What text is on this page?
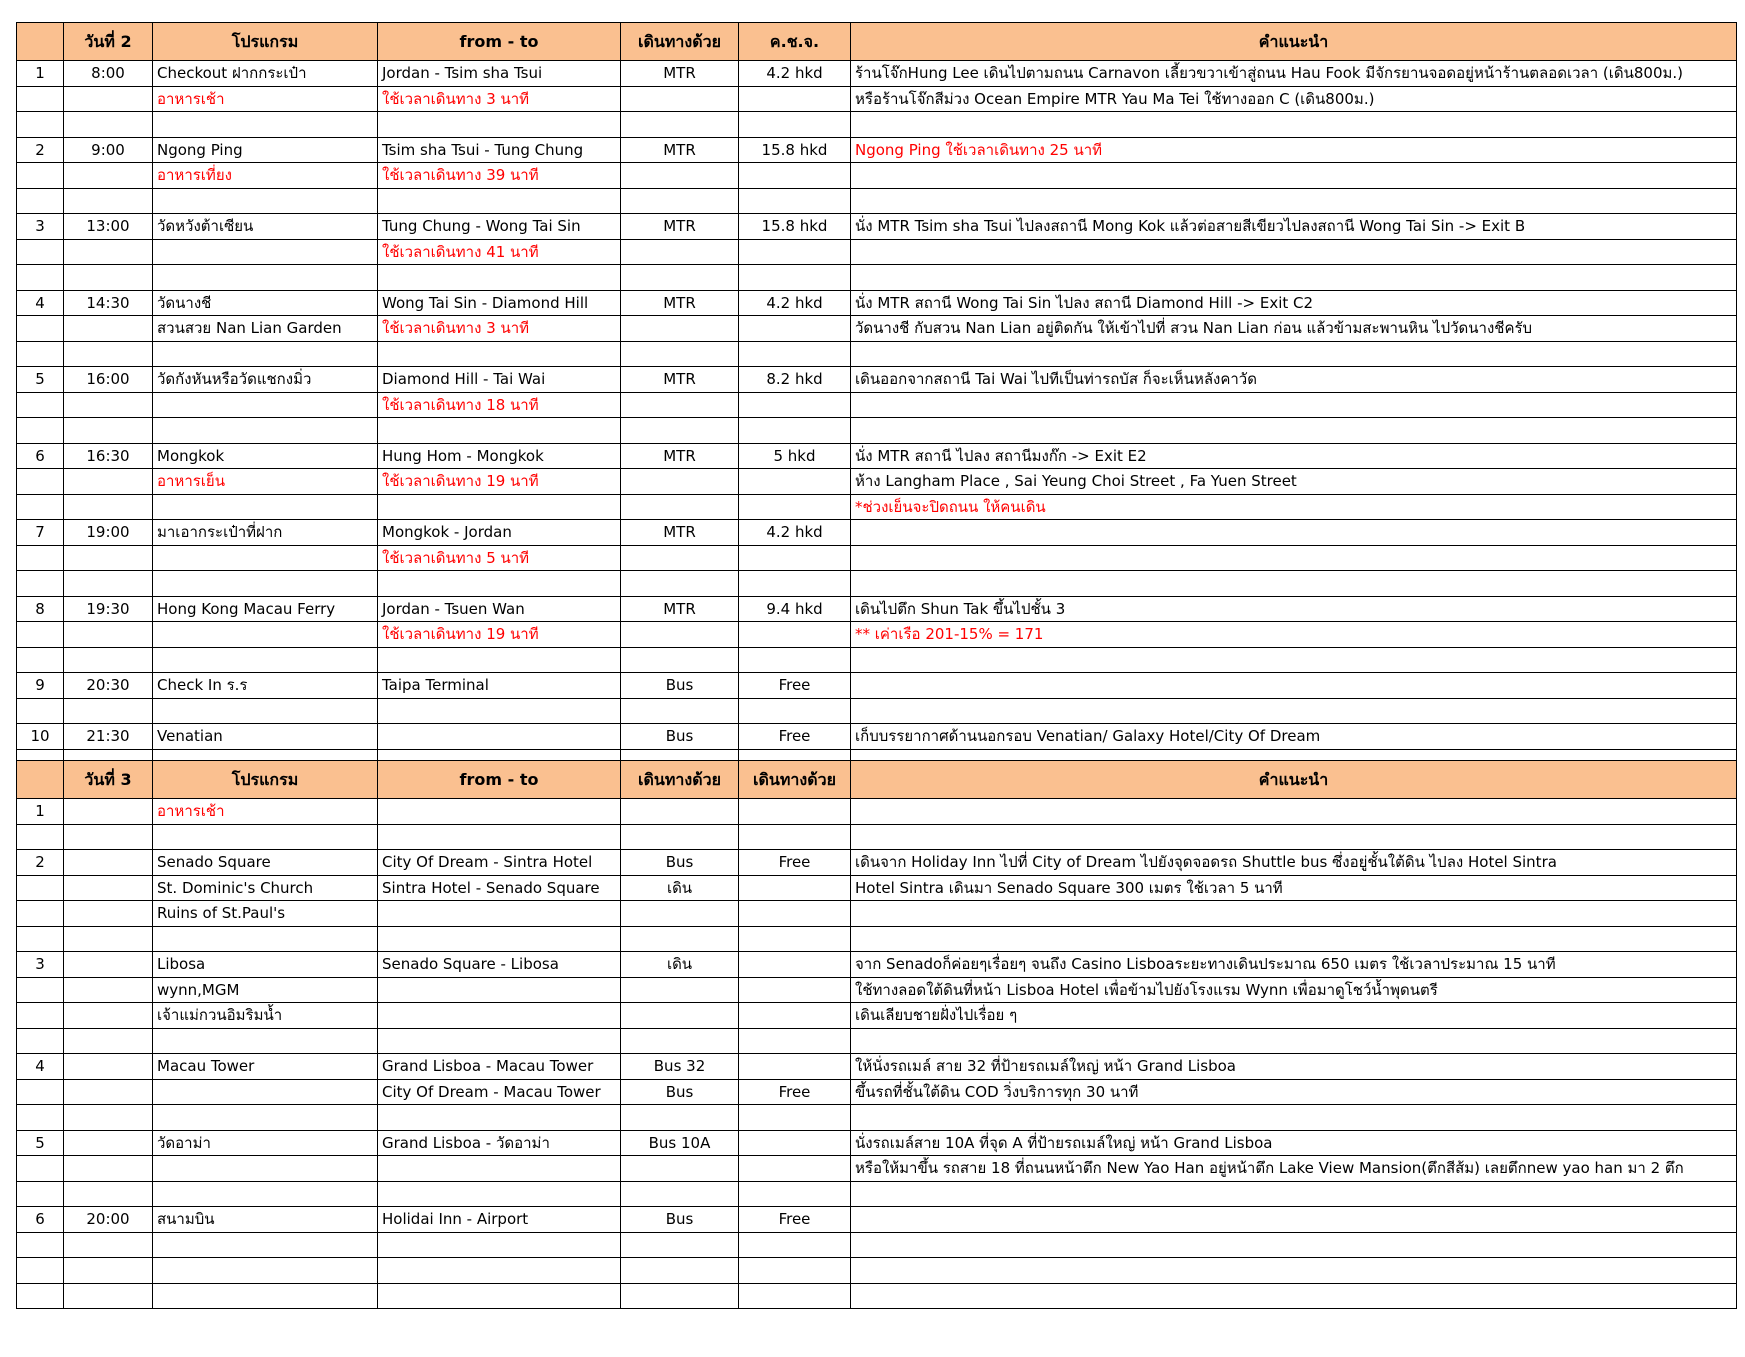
	วันที่ 2	โปรแกรม	from - to	เดินทางด้วย	ค.ช.จ.	คำแนะนำ
1	8:00	Checkout ฝากกระเป๋า	Jordan - Tsim sha Tsui	MTR	4.2 hkd	ร้านโจ๊กHung Lee เดินไปตามถนน Carnavon เลี้ยวขวาเข้าสู่ถนน Hau Fook มีจักรยานจอดอยู่หน้าร้านตลอดเวลา (เดิน800ม.)
		อาหารเช้า	ใช้เวลาเดินทาง 3 นาที			หรือร้านโจ๊กสีม่วง Ocean Empire MTR Yau Ma Tei ใช้ทางออก C (เดิน800ม.)

2	9:00	Ngong Ping	Tsim sha Tsui - Tung Chung	MTR	15.8 hkd	Ngong Ping ใช้เวลาเดินทาง 25 นาที
		อาหารเที่ยง	ใช้เวลาเดินทาง 39 นาที			

3	13:00	วัดหวังต้าเซียน	Tung Chung - Wong Tai Sin	MTR	15.8 hkd	นั่ง MTR Tsim sha Tsui ไปลงสถานี Mong Kok แล้วต่อสายสีเขียวไปลงสถานี Wong Tai Sin -> Exit B
			ใช้เวลาเดินทาง 41 นาที			

4	14:30	วัดนางชี	Wong Tai Sin - Diamond Hill	MTR	4.2 hkd	นั่ง MTR สถานี Wong Tai Sin ไปลง สถานี Diamond Hill -> Exit C2
		สวนสวย Nan Lian Garden	ใช้เวลาเดินทาง 3 นาที			วัดนางชี กับสวน Nan Lian อยู่ติดกัน ให้เข้าไปที่ สวน Nan Lian ก่อน แล้วข้ามสะพานหิน ไปวัดนางชีครับ

5	16:00	วัดกังหันหรือวัดแชกงมิ่ว	Diamond Hill - Tai Wai	MTR	8.2 hkd	เดินออกจากสถานี Tai Wai ไปทีเป็นท่ารถบัส ก็จะเห็นหลังคาวัด
			ใช้เวลาเดินทาง 18 นาที			

6	16:30	Mongkok	Hung Hom - Mongkok	MTR	5 hkd	นั่ง MTR สถานี ไปลง สถานีมงก๊ก -> Exit E2
		อาหารเย็น	ใช้เวลาเดินทาง 19 นาที			ห้าง Langham Place , Sai Yeung Choi Street , Fa Yuen Street
						*ช่วงเย็นจะปิดถนน ให้คนเดิน
7	19:00	มาเอากระเป๋าที่ฝาก	Mongkok - Jordan	MTR	4.2 hkd	
			ใช้เวลาเดินทาง 5 นาที			

8	19:30	Hong Kong Macau Ferry	Jordan - Tsuen Wan	MTR	9.4 hkd	เดินไปตึก Shun Tak ขึ้นไปชั้น 3
			ใช้เวลาเดินทาง 19 นาที			** เค่าเรือ 201-15% = 171

9	20:30	Check In ร.ร	Taipa Terminal	Bus	Free	

10	21:30	Venatian		Bus	Free	เก็บบรรยากาศด้านนอกรอบ Venatian/ Galaxy Hotel/City Of Dream

	วันที่ 3	โปรแกรม	from - to	เดินทางด้วย	เดินทางด้วย	คำแนะนำ
1		อาหารเช้า				

2		Senado Square	City Of Dream - Sintra Hotel	Bus	Free	เดินจาก Holiday Inn ไปที่ City of Dream ไปยังจุดจอดรถ Shuttle bus ซึ่งอยู่ชั้นใต้ดิน ไปลง Hotel Sintra
		St. Dominic's Church	Sintra Hotel - Senado Square	เดิน		Hotel Sintra เดินมา Senado Square 300 เมตร ใช้เวลา 5 นาที
		Ruins of St.Paul's				

3		Libosa	Senado Square - Libosa	เดิน		จาก Senadoก็ค่อยๆเรื่อยๆ จนถึง Casino Lisboaระยะทางเดินประมาณ 650 เมตร ใช้เวลาประมาณ 15 นาที
		wynn,MGM				ใช้ทางลอดใต้ดินที่หน้า Lisboa Hotel เพื่อข้ามไปยังโรงแรม Wynn เพื่อมาดูโชว์น้ำพุดนตรี
		เจ้าแม่กวนอิมริมน้ำ				เดินเลียบชายฝั่งไปเรื่อย ๆ

4		Macau Tower	Grand Lisboa - Macau Tower	Bus 32		ให้นั่งรถเมล์ สาย 32 ที่ป้ายรถเมล์ใหญ่ หน้า Grand Lisboa
			City Of Dream - Macau Tower	Bus	Free	ขึ้นรถที่ชั้นใต้ดิน COD วิ่งบริการทุก 30 นาที

5		วัดอาม่า	Grand Lisboa - วัดอาม่า	Bus 10A		นั่งรถเมล์สาย 10A ที่จุด A ที่ป้ายรถเมล์ใหญ่ หน้า Grand Lisboa
						หรือให้มาขึ้น รถสาย 18 ที่ถนนหน้าตึก New Yao Han อยู่หน้าตึก Lake View Mansion(ตึกสีส้ม) เลยตึกnew yao han มา 2 ตึก

6	20:00	สนามบิน	Holidai Inn - Airport	Bus	Free	
